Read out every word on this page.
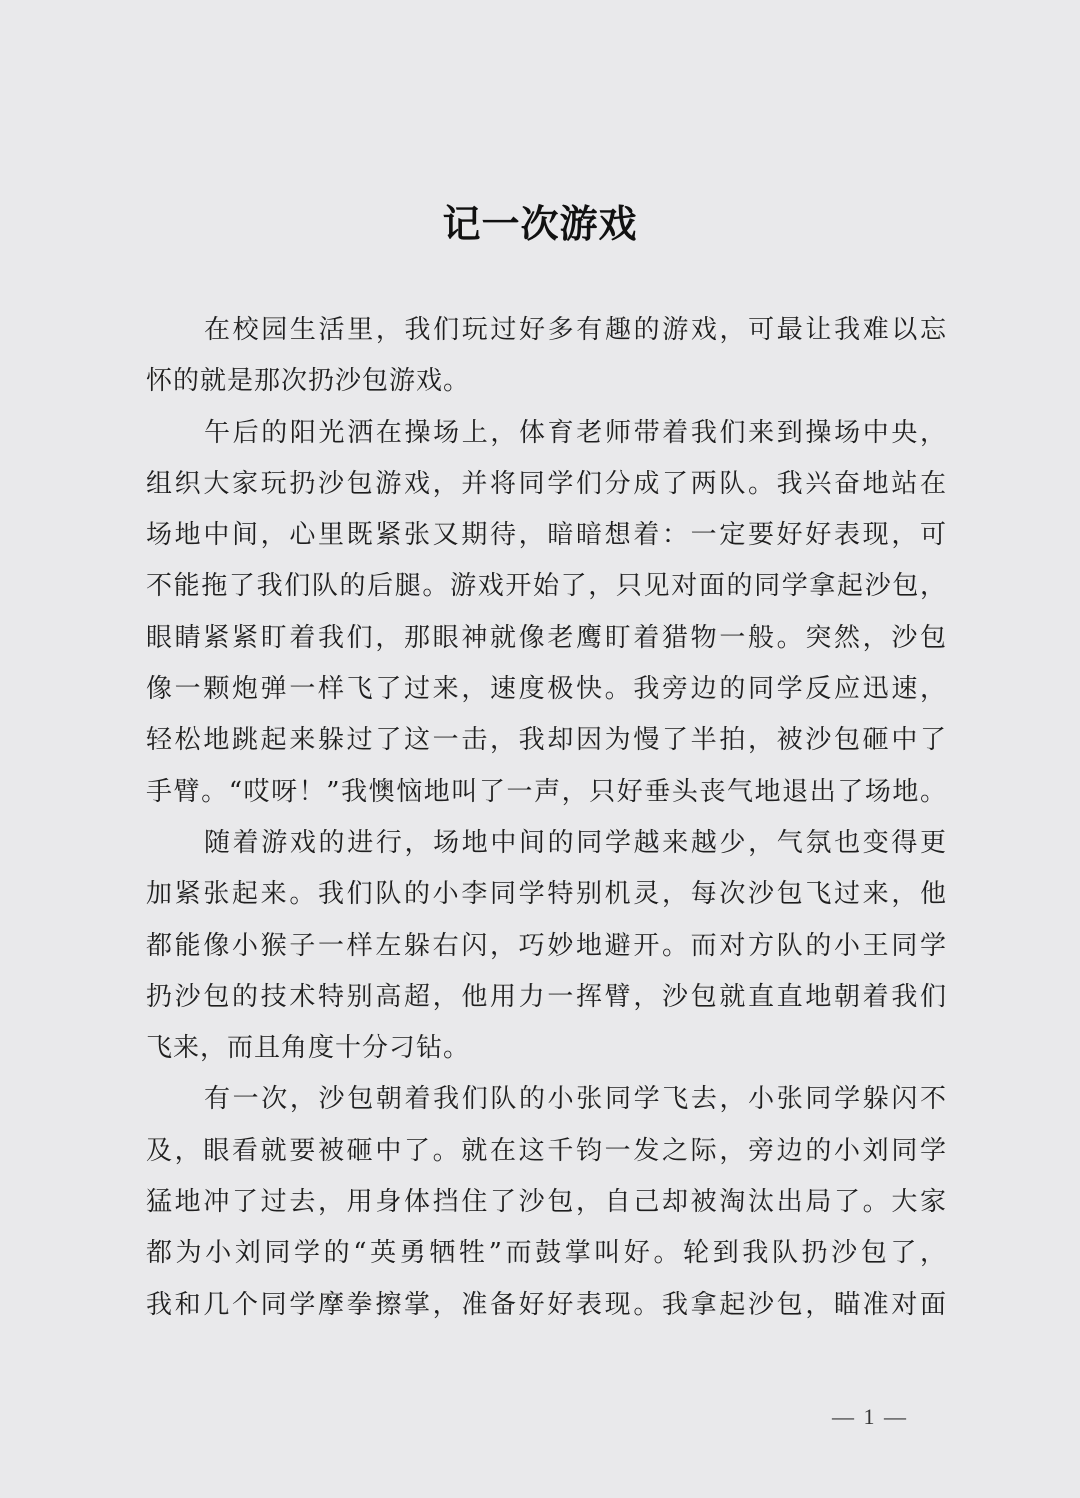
记一次游戏
在校园生活里，我们玩过好多有趣的游戏，可最让我难以忘
怀的就是那次扔沙包游戏。
午后的阳光洒在操场上，体育老师带着我们来到操场中央，
组织大家玩扔沙包游戏，并将同学们分成了两队。我兴奋地站在
场地中间，心里既紧张又期待，暗暗想着：一定要好好表现，可
不能拖了我们队的后腿。游戏开始了，只见对面的同学拿起沙包，
眼睛紧紧盯着我们，那眼神就像老鹰盯着猎物一般。突然，沙包
像一颗炮弹一样飞了过来，速度极快。我旁边的同学反应迅速，
轻松地跳起来躲过了这一击，我却因为慢了半拍，被沙包砸中了
手臂。“哎呀！”我懊恼地叫了一声，只好垂头丧气地退出了场地。
随着游戏的进行，场地中间的同学越来越少，气氛也变得更
加紧张起来。我们队的小李同学特别机灵，每次沙包飞过来，他
都能像小猴子一样左躲右闪，巧妙地避开。而对方队的小王同学
扔沙包的技术特别高超，他用力一挥臂，沙包就直直地朝着我们
飞来，而且角度十分刁钻。
有一次，沙包朝着我们队的小张同学飞去，小张同学躲闪不
及，眼看就要被砸中了。就在这千钧一发之际，旁边的小刘同学
猛地冲了过去，用身体挡住了沙包，自己却被淘汰出局了。大家
都为小刘同学的“英勇牺牲”而鼓掌叫好。轮到我队扔沙包了，
我和几个同学摩拳擦掌，准备好好表现。我拿起沙包，瞄准对面
— 1 —
